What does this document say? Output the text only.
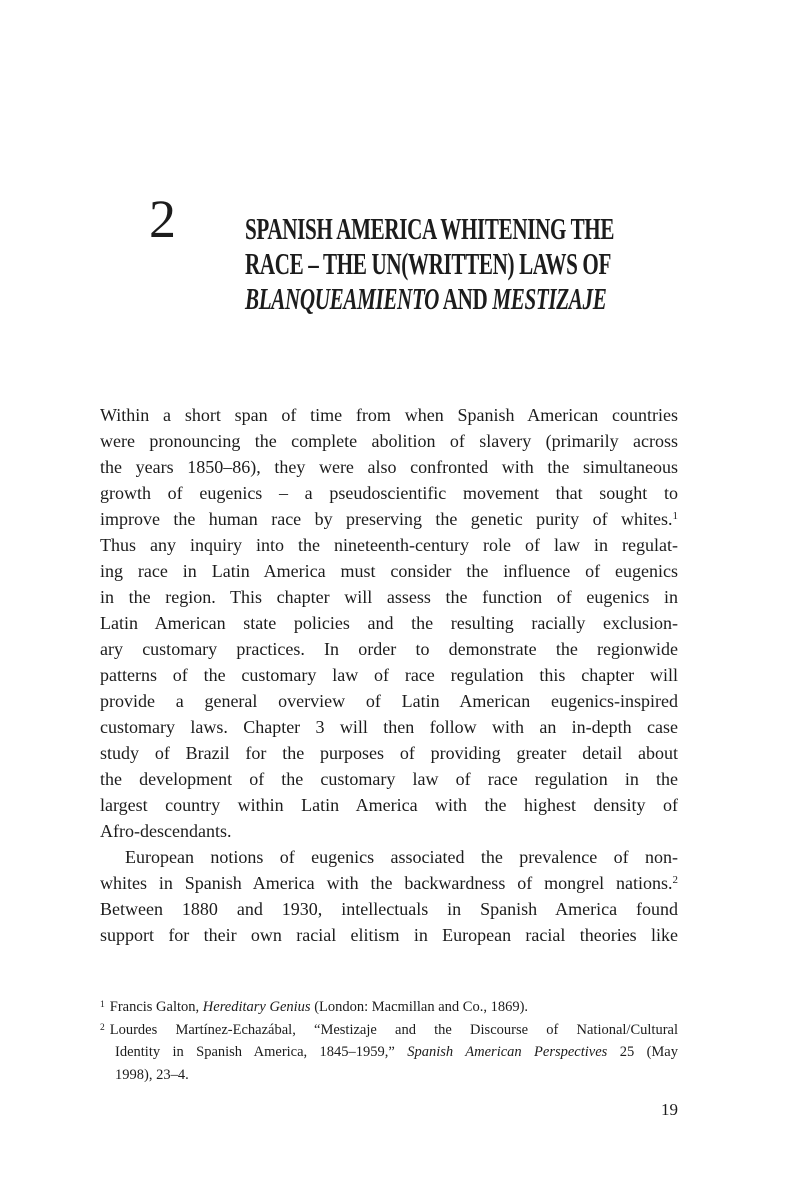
2 SPANISH AMERICA WHITENING THE
RACE – THE UN(WRITTEN) LAWS OF
BLANQUEAMIENTO AND MESTIZAJE
Within a short span of time from when Spanish American countries
were pronouncing the complete abolition of slavery (primarily across
the years 1850–86), they were also confronted with the simultaneous
growth of eugenics – a pseudoscientific movement that sought to
improve the human race by preserving the genetic purity of whites.$^1$
Thus any inquiry into the nineteenth-century role of law in regulat-
ing race in Latin America must consider the influence of eugenics
in the region. This chapter will assess the function of eugenics in
Latin American state policies and the resulting racially exclusion-
ary customary practices. In order to demonstrate the regionwide
patterns of the customary law of race regulation this chapter will
provide a general overview of Latin American eugenics-inspired
customary laws. Chapter 3 will then follow with an in-depth case
study of Brazil for the purposes of providing greater detail about
the development of the customary law of race regulation in the
largest country within Latin America with the highest density of
Afro-descendants.
European notions of eugenics associated the prevalence of non-
whites in Spanish America with the backwardness of mongrel nations.$^2$
Between 1880 and 1930, intellectuals in Spanish America found
support for their own racial elitism in European racial theories like
$^1$ Francis Galton, Hereditary Genius (London: Macmillan and Co., 1869).
$^2$ Lourdes Martínez-Echazábal, “Mestizaje and the Discourse of National/Cultural
Identity in Spanish America, 1845–1959,” Spanish American Perspectives 25 (May
1998), 23–4.
19
